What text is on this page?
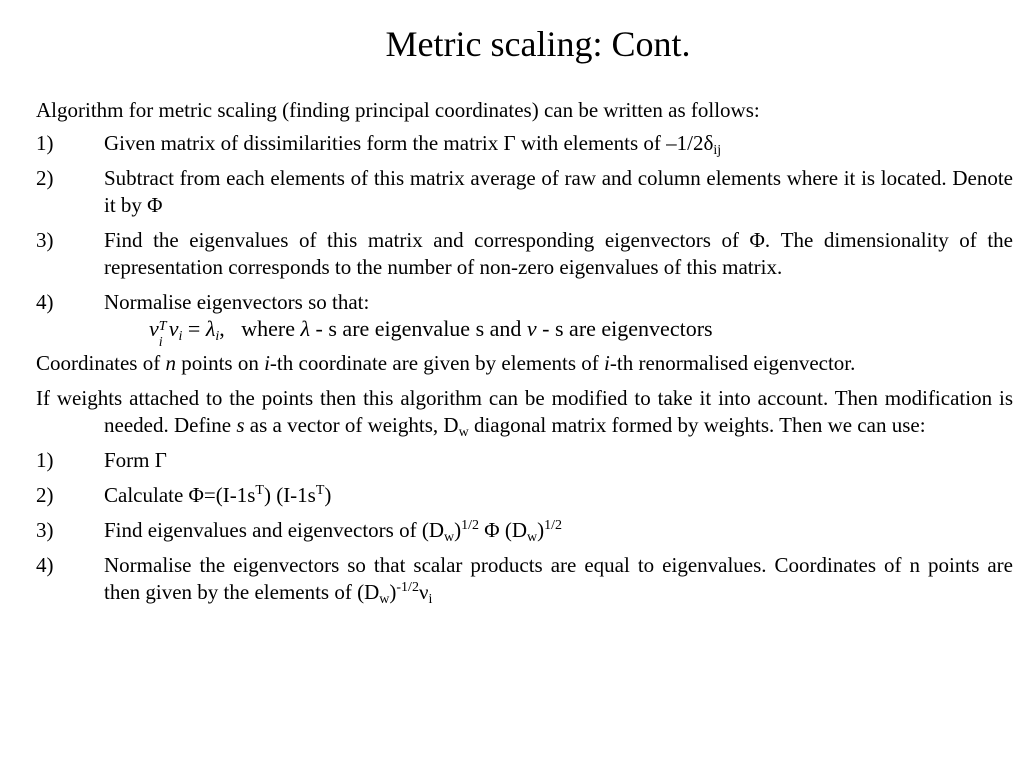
Metric scaling: Cont.
Algorithm for metric scaling (finding principal coordinates) can be written as follows:
1) Given matrix of dissimilarities form the matrix Γ with elements of $-1/2\delta_{ij}$
2) Subtract from each elements of this matrix average of raw and column elements where it is located. Denote it by Φ
3) Find the eigenvalues of this matrix and corresponding eigenvectors of Φ. The dimensionality of the representation corresponds to the number of non-zero eigenvalues of this matrix.
4) Normalise eigenvectors so that:
ν T
i
$\nu_i = \lambda_i$, where λ - s are eigenvalue s and ν - s are eigenvectors
Coordinates of n points on i-th coordinate are given by elements of i-th renormalised eigenvector.
If weights attached to the points then this algorithm can be modified to take it into account. Then modification is needed. Define s as a vector of weights, $D_w$ diagonal matrix formed by weights. Then we can use:
1) Form Γ
2) Calculate $\Phi=(I-1s^T)$ $(I-1s^T)$
3) Find eigenvalues and eigenvectors of $(D_w)^{1/2}$ Φ $(D_w)^{1/2}$
4) Normalise the eigenvectors so that scalar products are equal to eigenvalues. Coordinates of n points are then given by the elements of $(D_w)^{-1/2}\nu_i$
